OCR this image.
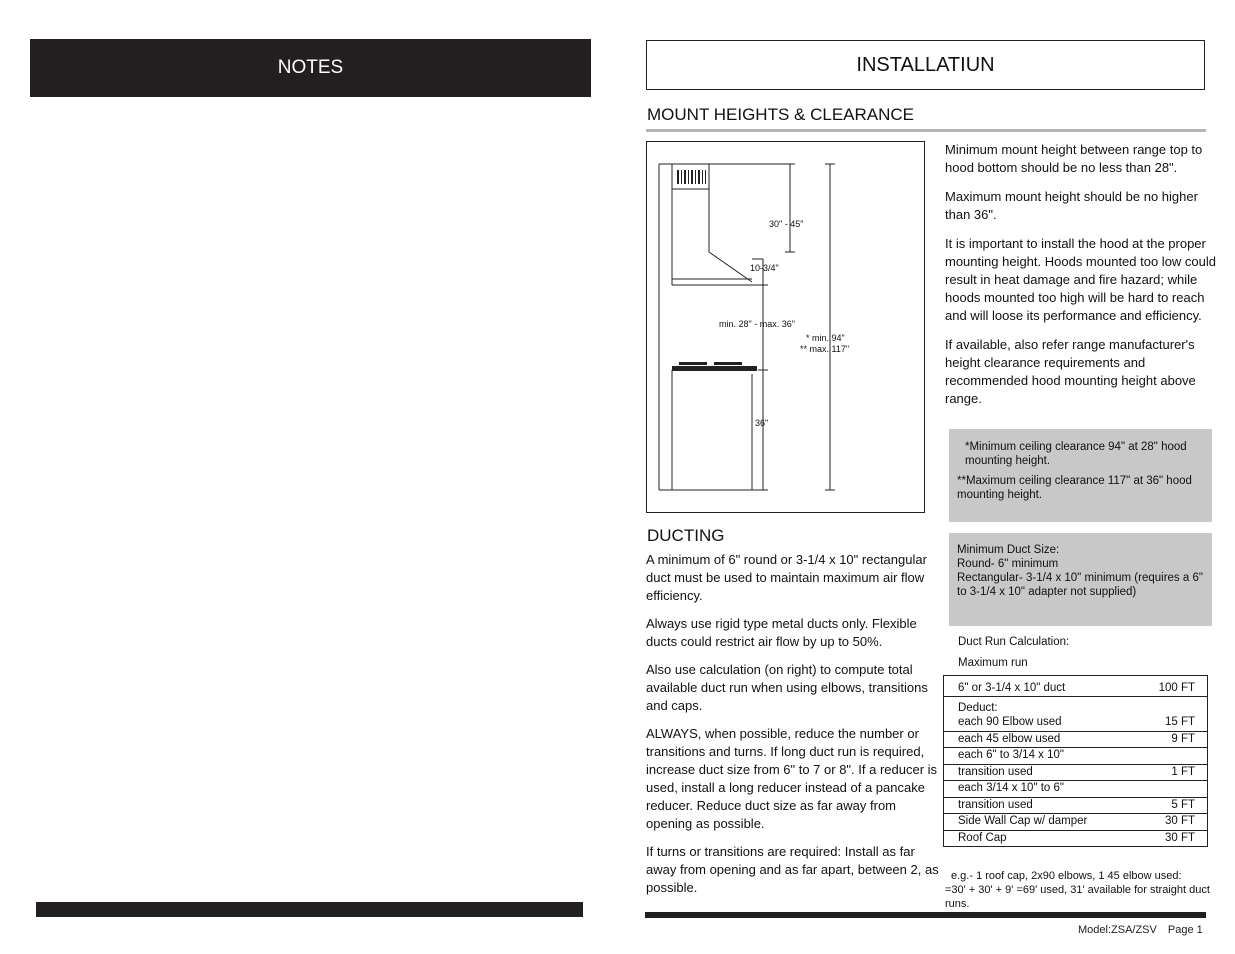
NOTES	INSTALLATIUN
MOUNT HEIGHTS & CLEARANCE
30" - 45"
10-3/4"
min. 28" - max. 36"
* min. 94"
** max. 117"
36"

Minimum mount height between range top to hood bottom should be no less than 28".

Maximum mount height should be no higher than 36".

It is important to install the hood at the proper mounting height. Hoods mounted too low could result in heat damage and fire hazard; while hoods mounted too high will be hard to reach and will loose its performance and efficiency.

If available, also refer range manufacturer's height clearance requirements and recommended hood mounting height above range.

*Minimum ceiling clearance 94" at 28" hood mounting height.
**Maximum ceiling clearance 117" at 36" hood mounting height.
Minimum Duct Size:
Round- 6" minimum
Rectangular- 3-1/4 x 10" minimum (requires a 6" to 3-1/4 x 10" adapter not supplied)
DUCTING

A minimum of 6" round or 3-1/4 x 10" rectangular duct must be used to maintain maximum air flow efficiency.

Always use rigid type metal ducts only. Flexible ducts could restrict air flow by up to 50%.

Also use calculation (on right) to compute total available duct run when using elbows, transitions and caps.

ALWAYS, when possible, reduce the number or transitions and turns. If long duct run is required, increase duct size from 6" to 7 or 8". If a reducer is used, install a long reducer instead of a pancake reducer. Reduce duct size as far away from opening as possible.

If turns or transitions are required: Install as far away from opening and as far apart, between 2, as possible.

Duct Run Calculation:
Maximum run
6" or 3-1/4 x 10" duct	100 FT
Deduct:
each 90 Elbow used	15 FT
each 45 elbow used	9 FT
each 6" to 3/14 x 10"
transition used	1 FT
each 3/14 x 10" to 6"
transition used	5 FT
Side Wall Cap w/ damper	30 FT
Roof Cap	30 FT
e.g.- 1 roof cap, 2x90 elbows, 1 45 elbow used:
=30' + 30' + 9' =69' used, 31' available for straight duct runs.
Model:ZSA/ZSV Page 1
